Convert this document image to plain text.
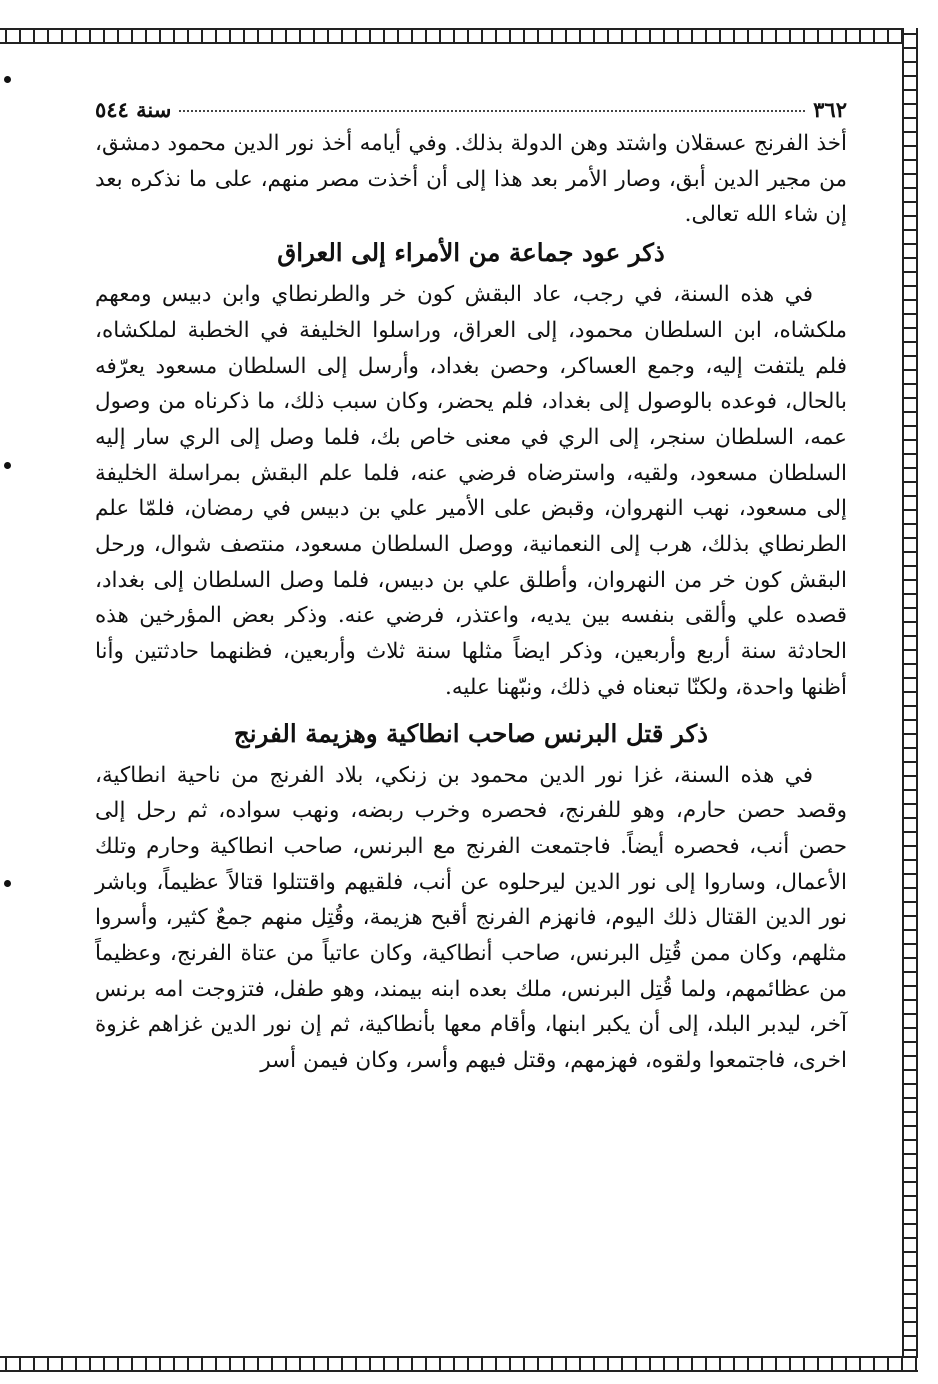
٣٦٢
سنة ٥٤٤

أخذ الفرنج عسقلان واشتد وهن الدولة بذلك. وفي أيامه أخذ نور الدين محمود دمشق، من مجير الدين أبق، وصار الأمر بعد هذا إلى أن أخذت مصر منهم، على ما نذكره بعد إن شاء الله تعالى.

ذكر عود جماعة من الأمراء إلى العراق

في هذه السنة، في رجب، عاد البقش كون خر والطرنطاي وابن دبيس ومعهم ملكشاه، ابن السلطان محمود، إلى العراق، وراسلوا الخليفة في الخطبة لملكشاه، فلم يلتفت إليه، وجمع العساكر، وحصن بغداد، وأرسل إلى السلطان مسعود يعرّفه بالحال، فوعده بالوصول إلى بغداد، فلم يحضر، وكان سبب ذلك، ما ذكرناه من وصول عمه، السلطان سنجر، إلى الري في معنى خاص بك، فلما وصل إلى الري سار إليه السلطان مسعود، ولقيه، واسترضاه فرضي عنه، فلما علم البقش بمراسلة الخليفة إلى مسعود، نهب النهروان، وقبض على الأمير علي بن دبيس في رمضان، فلمّا علم الطرنطاي بذلك، هرب إلى النعمانية، ووصل السلطان مسعود، منتصف شوال، ورحل البقش كون خر من النهروان، وأطلق علي بن دبيس، فلما وصل السلطان إلى بغداد، قصده علي وألقى بنفسه بين يديه، واعتذر، فرضي عنه. وذكر بعض المؤرخين هذه الحادثة سنة أربع وأربعين، وذكر ايضاً مثلها سنة ثلاث وأربعين، فظنهما حادثتين وأنا أظنها واحدة، ولكنّا تبعناه في ذلك، ونبّهنا عليه.

ذكر قتل البرنس صاحب انطاكية وهزيمة الفرنج

في هذه السنة، غزا نور الدين محمود بن زنكي، بلاد الفرنج من ناحية انطاكية، وقصد حصن حارم، وهو للفرنج، فحصره وخرب ربضه، ونهب سواده، ثم رحل إلى حصن أنب، فحصره أيضاً. فاجتمعت الفرنج مع البرنس، صاحب انطاكية وحارم وتلك الأعمال، وساروا إلى نور الدين ليرحلوه عن أنب، فلقيهم واقتتلوا قتالاً عظيماً، وباشر نور الدين القتال ذلك اليوم، فانهزم الفرنج أقبح هزيمة، وقُتِل منهم جمعٌ كثير، وأسروا مثلهم، وكان ممن قُتِل البرنس، صاحب أنطاكية، وكان عاتياً من عتاة الفرنج، وعظيماً من عظائمهم، ولما قُتِل البرنس، ملك بعده ابنه بيمند، وهو طفل، فتزوجت امه برنس آخر، ليدبر البلد، إلى أن يكبر ابنها، وأقام معها بأنطاكية، ثم إن نور الدين غزاهم غزوة اخرى، فاجتمعوا ولقوه، فهزمهم، وقتل فيهم وأسر، وكان فيمن أسر
